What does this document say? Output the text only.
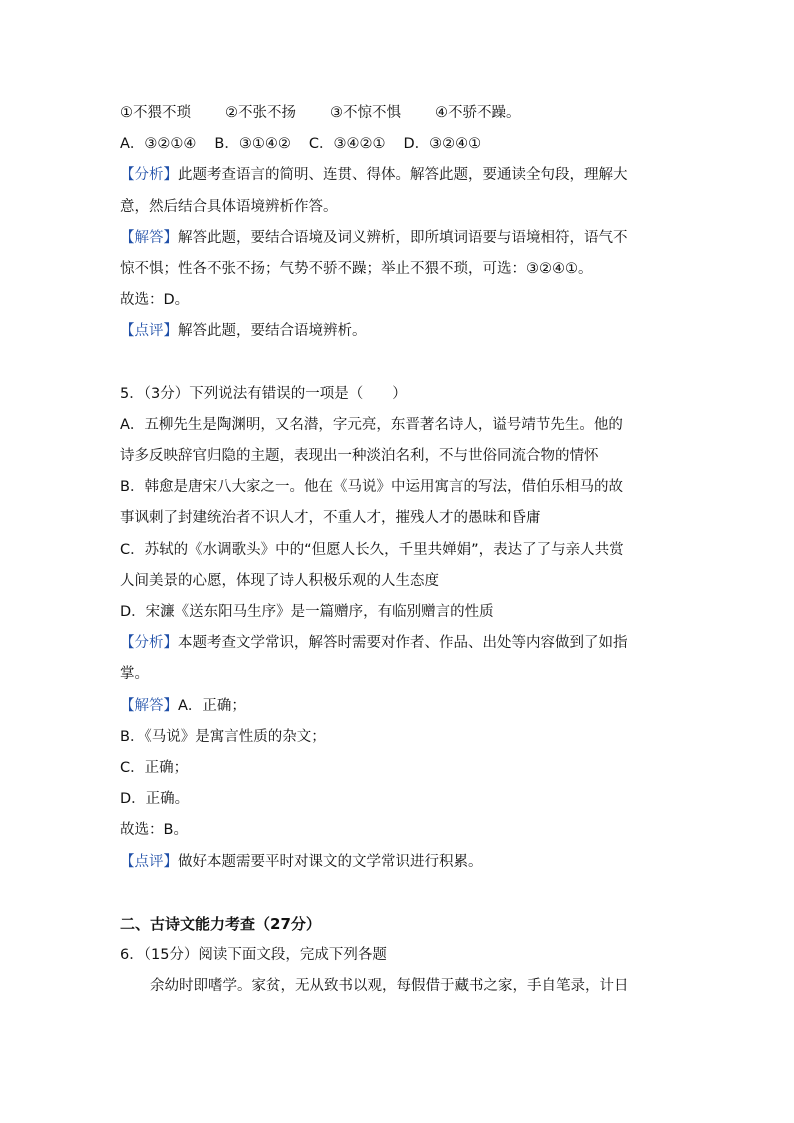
①不猥不琐 ②不张不扬 ③不惊不惧 ④不骄不躁。
A．③②①④ B．③①④② C．③④②① D．③②④①
【分析】此题考查语言的简明、连贯、得体。解答此题，要通读全句段，理解大
意，然后结合具体语境辨析作答。
【解答】解答此题，要结合语境及词义辨析，即所填词语要与语境相符，语气不
惊不惧；性各不张不扬；气势不骄不躁；举止不猥不琐，可选：③②④①。
故选：D。
【点评】解答此题，要结合语境辨析。
5．（3分）下列说法有错误的一项是（　　）
A．五柳先生是陶渊明，又名潜，字元亮，东晋著名诗人，谥号靖节先生。他的
诗多反映辞官归隐的主题，表现出一种淡泊名利，不与世俗同流合物的情怀
B．韩愈是唐宋八大家之一。他在《马说》中运用寓言的写法，借伯乐相马的故
事讽刺了封建统治者不识人才，不重人才，摧残人才的愚昧和昏庸
C．苏轼的《水调歌头》中的“但愿人长久，千里共婵娟”，表达了了与亲人共赏
人间美景的心愿，体现了诗人积极乐观的人生态度
D．宋濂《送东阳马生序》是一篇赠序，有临别赠言的性质
【分析】本题考查文学常识，解答时需要对作者、作品、出处等内容做到了如指
掌。
【解答】A．正确；
B．《马说》是寓言性质的杂文；
C．正确；
D．正确。
故选：B。
【点评】做好本题需要平时对课文的文学常识进行积累。
二、古诗文能力考查（27分）
6．（15分）阅读下面文段，完成下列各题
余幼时即嗜学。家贫，无从致书以观，每假借于藏书之家，手自笔录，计日
